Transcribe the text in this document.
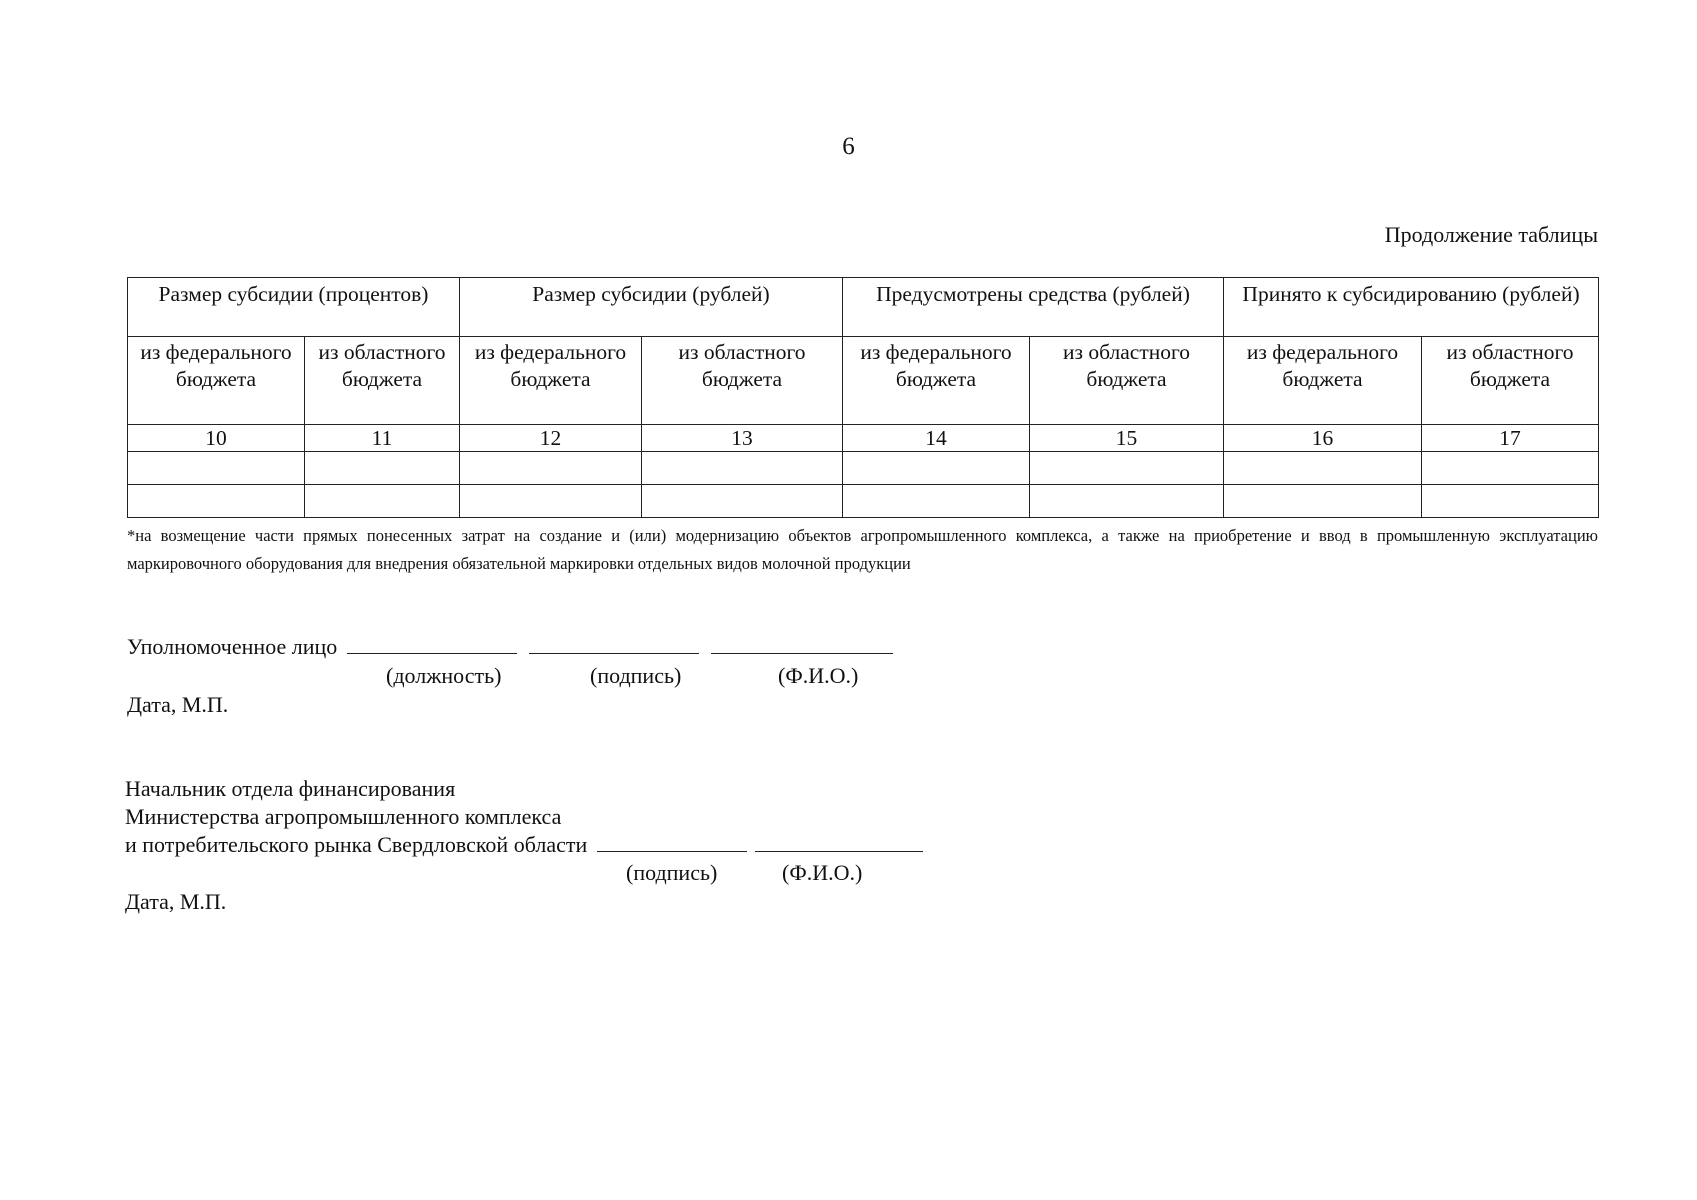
6
Продолжение таблицы
Размер субсидии (процентов)		Размер субсидии (рублей)		Предусмотрены средства (рублей)		Принято к субсидированию (рублей)	
из федерального бюджета	из областного бюджета	из федерального бюджета	из областного бюджета	из федерального бюджета	из областного бюджета	из федерального бюджета	из областного бюджета
10	11	12	13	14	15	16	17

*на возмещение части прямых понесенных затрат на создание и (или) модернизацию объектов агропромышленного комплекса, а также на приобретение и ввод в промышленную эксплуатацию маркировочного оборудования для внедрения обязательной маркировки отдельных видов молочной продукции
Уполномоченное лицо
(должность)	(подпись)	(Ф.И.О.)
Дата, М.П.
Начальник отдела финансирования
Министерства агропромышленного комплекса
и потребительского рынка Свердловской области
(подпись)	(Ф.И.О.)
Дата, М.П.
